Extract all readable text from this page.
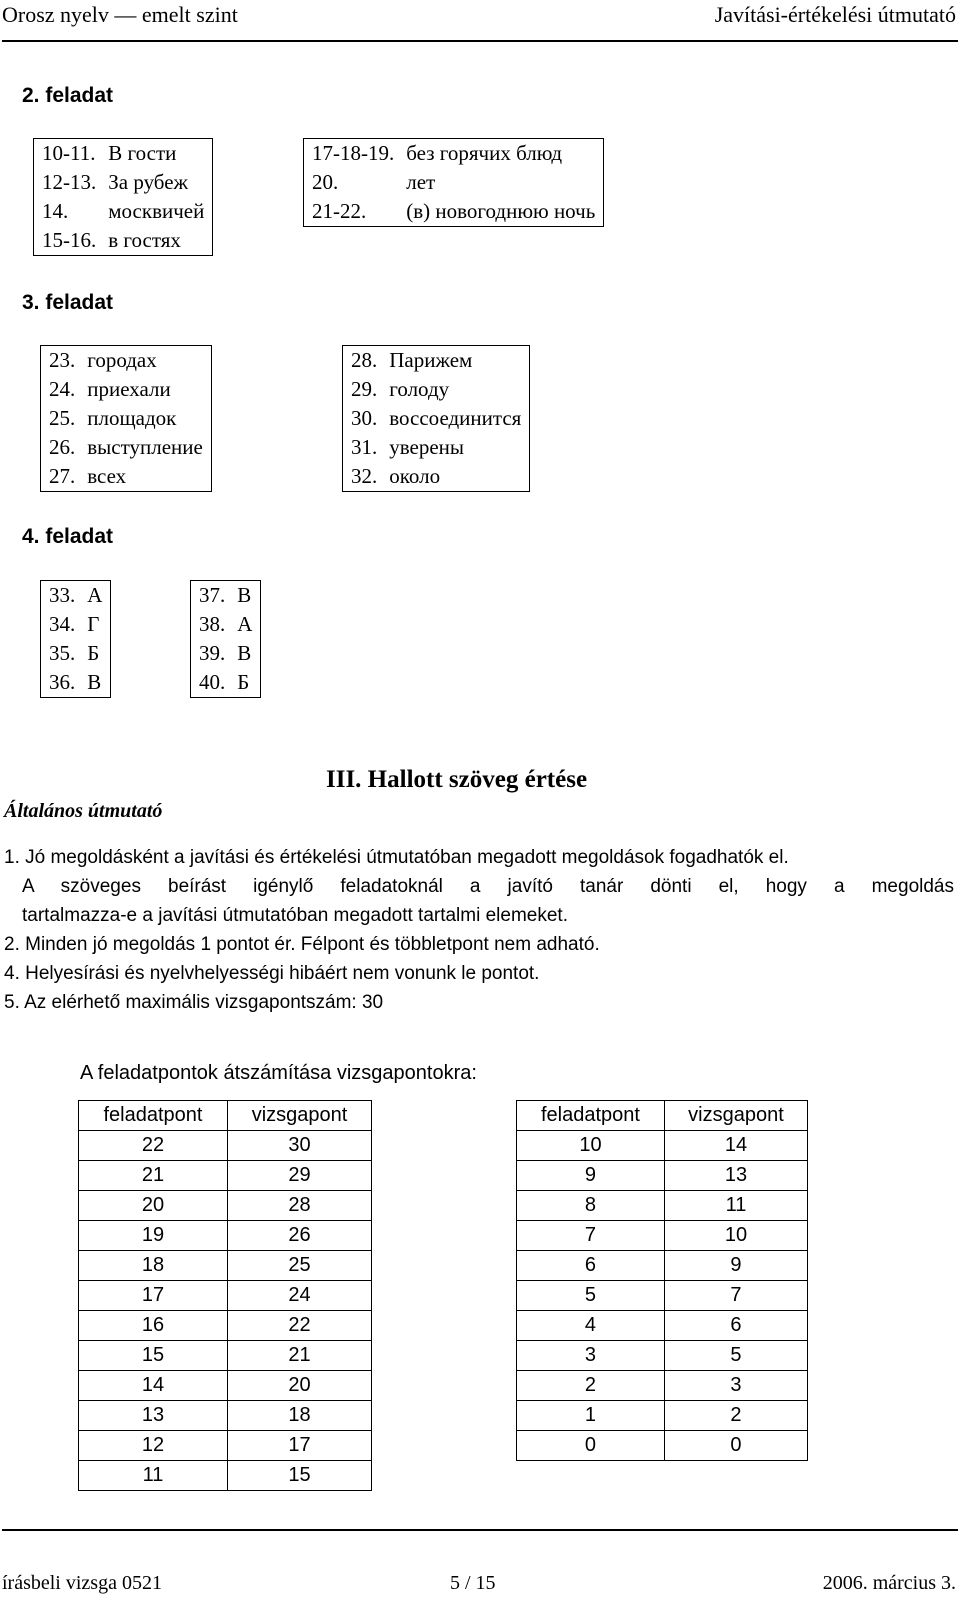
Orosz nyelv — emelt szint	Javítási-értékelési útmutató
2. feladat
10-11.	В гости
12-13.	За рубеж
14.	москвичей
15-16.	в гостях
17-18-19.	без горячих блюд
20.	лет
21-22.	(в) новогоднюю ночь
3. feladat
23.	городах
24.	приехали
25.	площадок
26.	выступление
27.	всех
28.	Парижем
29.	голоду
30.	воссоединится
31.	уверены
32.	около
4. feladat
33.	А
34.	Г
35.	Б
36.	В
37.	В
38.	А
39.	В
40.	Б
III. Hallott szöveg értése
Általános útmutató

1. Jó megoldásként a javítási és értékelési útmutatóban megadott megoldások fogadhatók el.

A szöveges beírást igénylő feladatoknál a javító tanár dönti el, hogy a megoldás

tartalmazza-e a javítási útmutatóban megadott tartalmi elemeket.

2. Minden jó megoldás 1 pontot ér. Félpont és többletpont nem adható.

4. Helyesírási és nyelvhelyességi hibáért nem vonunk le pontot.

5. Az elérhető maximális vizsgapontszám: 30

A feladatpontok átszámítása vizsgapontokra:
feladatpont	vizsgapont
22	30
21	29
20	28
19	26
18	25
17	24
16	22
15	21
14	20
13	18
12	17
11	15
feladatpont	vizsgapont
10	14
9	13
8	11
7	10
6	9
5	7
4	6
3	5
2	3
1	2
0	0
írásbeli vizsga 0521	5 / 15	2006. március 3.
